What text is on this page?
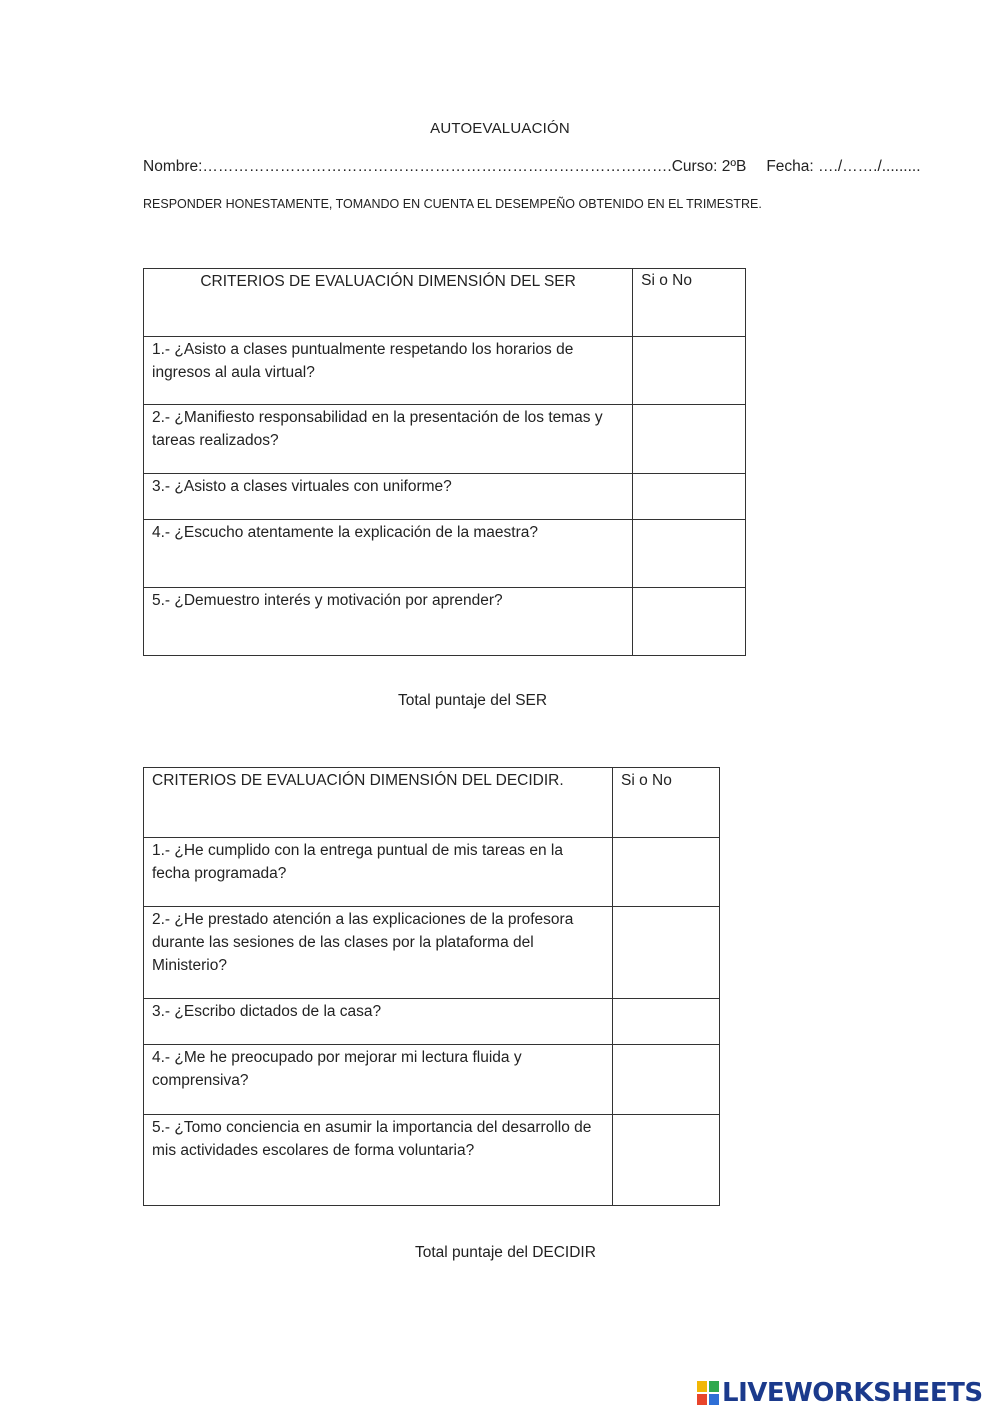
AUTOEVALUACIÓN
Nombre:……………………………………………………………………………….Curso: 2ºB Fecha: …./……./.........
RESPONDER HONESTAMENTE, TOMANDO EN CUENTA EL DESEMPEÑO OBTENIDO EN EL TRIMESTRE.
CRITERIOS DE EVALUACIÓN DIMENSIÓN DEL SER	Si o No
1.- ¿Asisto a clases puntualmente respetando los horarios de ingresos al aula virtual?	
2.- ¿Manifiesto responsabilidad en la presentación de los temas y tareas realizados?	
3.- ¿Asisto a clases virtuales con uniforme?	
4.- ¿Escucho atentamente la explicación de la maestra?	
5.- ¿Demuestro interés y motivación por aprender?	
Total puntaje del SER
CRITERIOS DE EVALUACIÓN DIMENSIÓN DEL DECIDIR.	Si o No
1.- ¿He cumplido con la entrega puntual de mis tareas en la fecha programada?	
2.- ¿He prestado atención a las explicaciones de la profesora durante las sesiones de las clases por la plataforma del Ministerio?	
3.- ¿Escribo dictados de la casa?	
4.- ¿Me he preocupado por mejorar mi lectura fluida y comprensiva?	
5.- ¿Tomo conciencia en asumir la importancia del desarrollo de mis actividades escolares de forma voluntaria?	
Total puntaje del DECIDIR
LIVEWORKSHEETS
